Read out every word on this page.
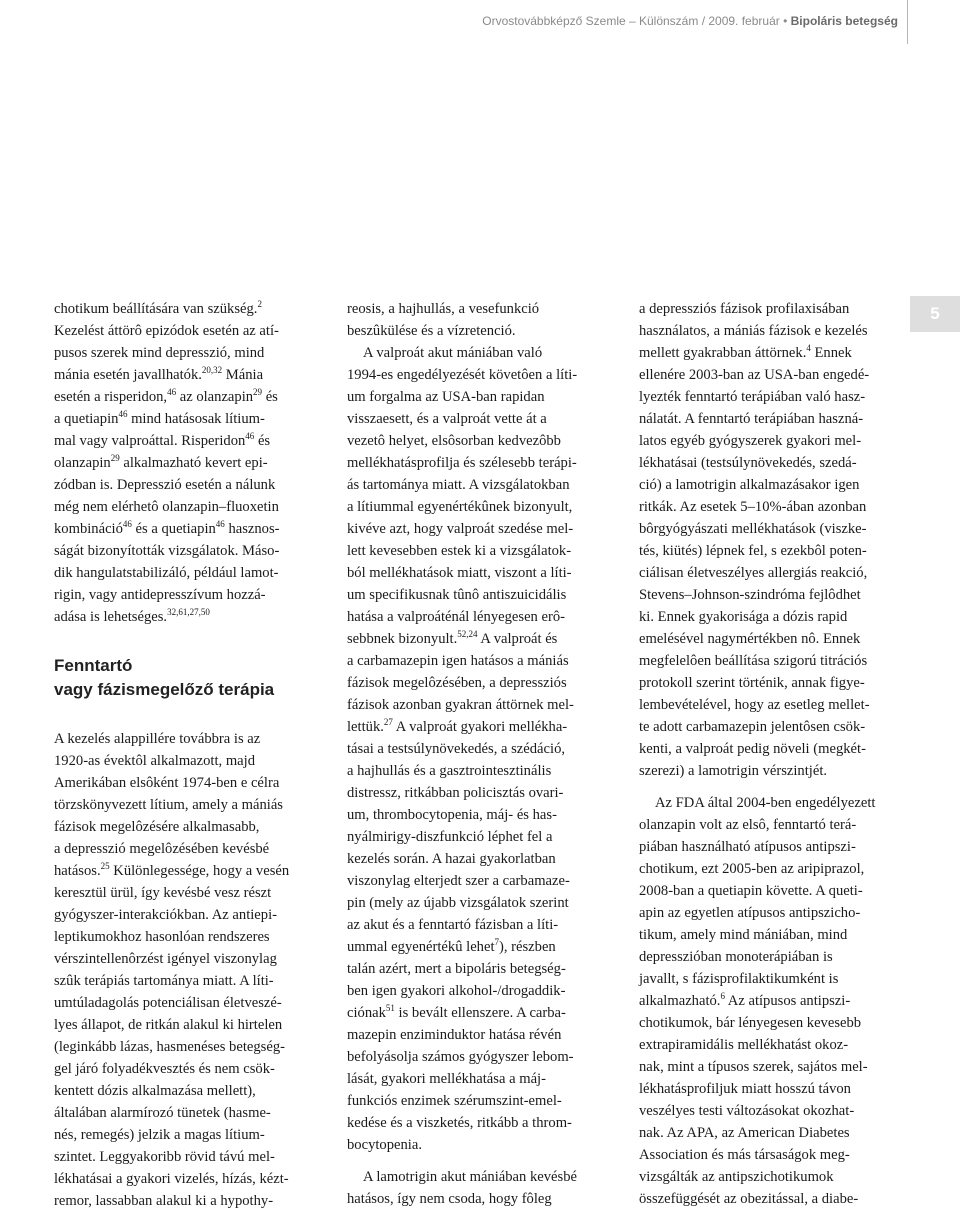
Orvostovábbképző Szemle – Különszám / 2009. február • Bipoláris betegség
5
chotikum beállítására van szükség.$^2$
Kezelést áttörô epizódok esetén az atí-
pusos szerek mind depresszió, mind
mánia esetén javallhatók.$^{20,32}$ Mánia
esetén a risperidon,$^{46}$ az olanzapin$^{29}$ és
a quetiapin$^{46}$ mind hatásosak lítium-
mal vagy valproáttal. Risperidon$^{46}$ és
olanzapin$^{29}$ alkalmazható kevert epi-
zódban is. Depresszió esetén a nálunk
még nem elérhetô olanzapin–fluoxetin
kombináció$^{46}$ és a quetiapin$^{46}$ hasznos-
ságát bizonyították vizsgálatok. Máso-
dik hangulatstabilizáló, például lamot-
rigin, vagy antidepresszívum hozzá-
adása is lehetséges.$^{32,61,27,50}$
Fenntartó
vagy fázismegelőző terápia
A kezelés alappillére továbbra is az
1920-as évektôl alkalmazott, majd
Amerikában elsôként 1974-ben e célra
törzskönyvezett lítium, amely a mániás
fázisok megelôzésére alkalmasabb,
a depresszió megelôzésében kevésbé
hatásos.$^{25}$ Különlegessége, hogy a vesén
keresztül ürül, így kevésbé vesz részt
gyógyszer-interakciókban. Az antiepi-
leptikumokhoz hasonlóan rendszeres
vérszintellenôrzést igényel viszonylag
szûk terápiás tartománya miatt. A líti-
umtúladagolás potenciálisan életveszé-
lyes állapot, de ritkán alakul ki hirtelen
(leginkább lázas, hasmenéses betegség-
gel járó folyadékvesztés és nem csök-
kentett dózis alkalmazása mellett),
általában alarmírozó tünetek (hasme-
nés, remegés) jelzik a magas lítium-
szintet. Leggyakoribb rövid távú mel-
lékhatásai a gyakori vizelés, hízás, kézt-
remor, lassabban alakul ki a hypothy-
reosis, a hajhullás, a vesefunkció
beszûkülése és a vízretenció.
A valproát akut mániában való
1994-es engedélyezését követôen a líti-
um forgalma az USA-ban rapidan
visszaesett, és a valproát vette át a
vezetô helyet, elsôsorban kedvezôbb
mellékhatásprofilja és szélesebb terápi-
ás tartománya miatt. A vizsgálatokban
a lítiummal egyenértékûnek bizonyult,
kivéve azt, hogy valproát szedése mel-
lett kevesebben estek ki a vizsgálatok-
ból mellékhatások miatt, viszont a líti-
um specifikusnak tûnô antiszuicidális
hatása a valproáténál lényegesen erô-
sebbnek bizonyult.$^{52,24}$ A valproát és
a carbamazepin igen hatásos a mániás
fázisok megelôzésében, a depressziós
fázisok azonban gyakran áttörnek mel-
lettük.$^{27}$ A valproát gyakori mellékha-
tásai a testsúlynövekedés, a szédáció,
a hajhullás és a gasztrointesztinális
distressz, ritkábban policisztás ovari-
um, thrombocytopenia, máj- és has-
nyálmirigy-diszfunkció léphet fel a
kezelés során. A hazai gyakorlatban
viszonylag elterjedt szer a carbamaze-
pin (mely az újabb vizsgálatok szerint
az akut és a fenntartó fázisban a líti-
ummal egyenértékû lehet$^7$), részben
talán azért, mert a bipoláris betegség-
ben igen gyakori alkohol-/drogaddik-
ciónak$^{51}$ is bevált ellenszere. A carba-
mazepin enziminduktor hatása révén
befolyásolja számos gyógyszer lebom-
lását, gyakori mellékhatása a máj-
funkciós enzimek szérumszint-emel-
kedése és a viszketés, ritkább a throm-
bocytopenia.
A lamotrigin akut mániában kevésbé
hatásos, így nem csoda, hogy fôleg
a depressziós fázisok profilaxisában
használatos, a mániás fázisok e kezelés
mellett gyakrabban áttörnek.$^4$ Ennek
ellenére 2003-ban az USA-ban engedé-
lyezték fenntartó terápiában való hasz-
nálatát. A fenntartó terápiában haszná-
latos egyéb gyógyszerek gyakori mel-
lékhatásai (testsúlynövekedés, szedá-
ció) a lamotrigin alkalmazásakor igen
ritkák. Az esetek 5–10%-ában azonban
bôrgyógyászati mellékhatások (viszke-
tés, kiütés) lépnek fel, s ezekbôl poten-
ciálisan életveszélyes allergiás reakció,
Stevens–Johnson-szindróma fejlôdhet
ki. Ennek gyakorisága a dózis rapid
emelésével nagymértékben nô. Ennek
megfelelôen beállítása szigorú titrációs
protokoll szerint történik, annak figye-
lembevételével, hogy az esetleg mellet-
te adott carbamazepin jelentôsen csök-
kenti, a valproát pedig növeli (megkét-
szerezi) a lamotrigin vérszintjét.
Az FDA által 2004-ben engedélyezett
olanzapin volt az elsô, fenntartó terá-
piában használható atípusos antipszi-
chotikum, ezt 2005-ben az aripiprazol,
2008-ban a quetiapin követte. A queti-
apin az egyetlen atípusos antipszicho-
tikum, amely mind mániában, mind
depresszióban monoterápiában is
javallt, s fázisprofilaktikumként is
alkalmazható.$^6$ Az atípusos antipszi-
chotikumok, bár lényegesen kevesebb
extrapiramidális mellékhatást okoz-
nak, mint a típusos szerek, sajátos mel-
lékhatásprofiljuk miatt hosszú távon
veszélyes testi változásokat okozhat-
nak. Az APA, az American Diabetes
Association és más társaságok meg-
vizsgálták az antipszichotikumok
összefüggését az obezitással, a diabe-
